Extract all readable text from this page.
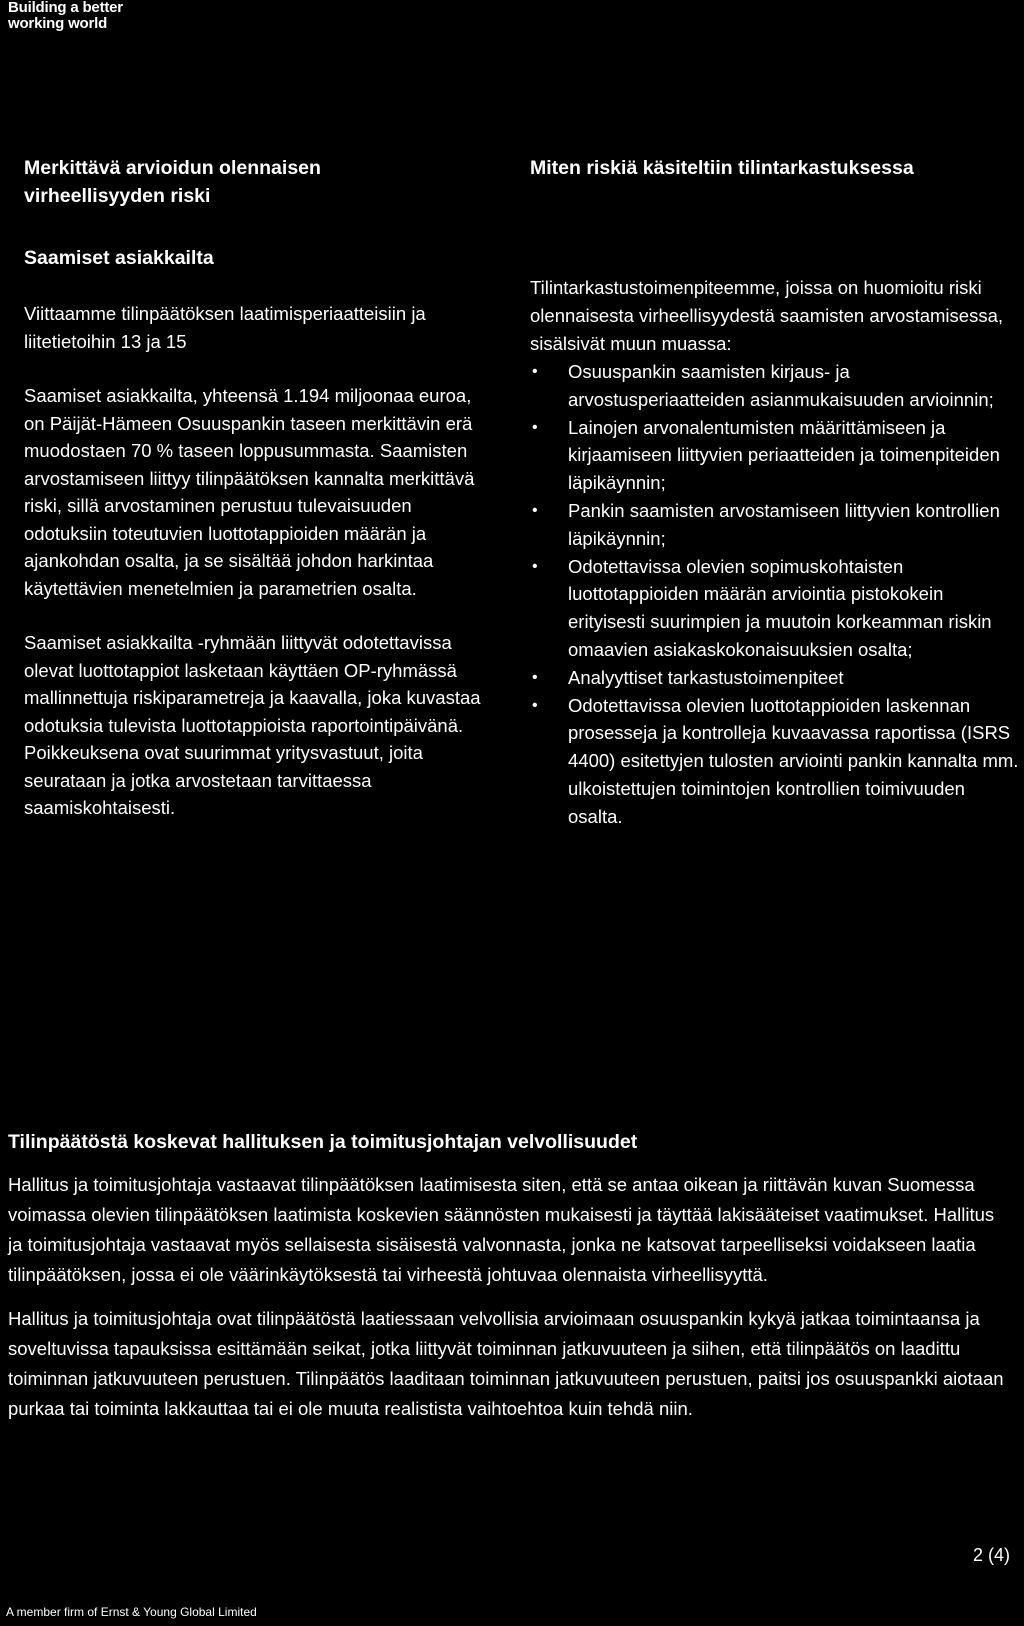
Building a better
working world
Merkittävä arvioidun olennaisen
virheellisyyden riski
Miten riskiä käsiteltiin tilintarkastuksessa
Saamiset asiakkailta

Viittaamme tilinpäätöksen laatimisperiaatteisiin ja liitetietoihin 13 ja 15

Saamiset asiakkailta, yhteensä 1.194 miljoonaa euroa, on Päijät-Hämeen Osuuspankin taseen merkittävin erä muodostaen 70 % taseen loppusummasta. Saamisten arvostamiseen liittyy tilinpäätöksen kannalta merkittävä riski, sillä arvostaminen perustuu tulevaisuuden odotuksiin toteutuvien luottotappioiden määrän ja ajankohdan osalta, ja se sisältää johdon harkintaa käytettävien menetelmien ja parametrien osalta.

Saamiset asiakkailta -ryhmään liittyvät odotettavissa olevat luottotappiot lasketaan käyttäen OP-ryhmässä mallinnettuja riskiparametreja ja kaavalla, joka kuvastaa odotuksia tulevista luottotappioista raportointipäivänä. Poikkeuksena ovat suurimmat yritysvastuut, joita seurataan ja jotka arvostetaan tarvittaessa saamiskohtaisesti.

Tilintarkastustoimenpiteemme, joissa on huomioitu riski olennaisesta virheellisyydestä saamisten arvostamisessa, sisälsivät muun muassa:

• Osuuspankin saamisten kirjaus- ja arvostusperiaatteiden asianmukaisuuden arvioinnin;
• Lainojen arvonalentumisten määrittämiseen ja kirjaamiseen liittyvien periaatteiden ja toimenpiteiden läpikäynnin;
• Pankin saamisten arvostamiseen liittyvien kontrollien läpikäynnin;
• Odotettavissa olevien sopimuskohtaisten luottotappioiden määrän arviointia pistokokein erityisesti suurimpien ja muutoin korkeamman riskin omaavien asiakaskokonaisuuksien osalta;
• Analyyttiset tarkastustoimenpiteet
• Odotettavissa olevien luottotappioiden laskennan prosesseja ja kontrolleja kuvaavassa raportissa (ISRS 4400) esitettyjen tulosten arviointi pankin kannalta mm. ulkoistettujen toimintojen kontrollien toimivuuden osalta.
Tilinpäätöstä koskevat hallituksen ja toimitusjohtajan velvollisuudet

Hallitus ja toimitusjohtaja vastaavat tilinpäätöksen laatimisesta siten, että se antaa oikean ja riittävän kuvan Suomessa voimassa olevien tilinpäätöksen laatimista koskevien säännösten mukaisesti ja täyttää lakisääteiset vaatimukset. Hallitus ja toimitusjohtaja vastaavat myös sellaisesta sisäisestä valvonnasta, jonka ne katsovat tarpeelliseksi voidakseen laatia tilinpäätöksen, jossa ei ole väärinkäytöksestä tai virheestä johtuvaa olennaista virheellisyyttä.

Hallitus ja toimitusjohtaja ovat tilinpäätöstä laatiessaan velvollisia arvioimaan osuuspankin kykyä jatkaa toimintaansa ja soveltuvissa tapauksissa esittämään seikat, jotka liittyvät toiminnan jatkuvuuteen ja siihen, että tilinpäätös on laadittu toiminnan jatkuvuuteen perustuen. Tilinpäätös laaditaan toiminnan jatkuvuuteen perustuen, paitsi jos osuuspankki aiotaan purkaa tai toiminta lakkauttaa tai ei ole muuta realistista vaihtoehtoa kuin tehdä niin.

2 (4)
A member firm of Ernst & Young Global Limited
